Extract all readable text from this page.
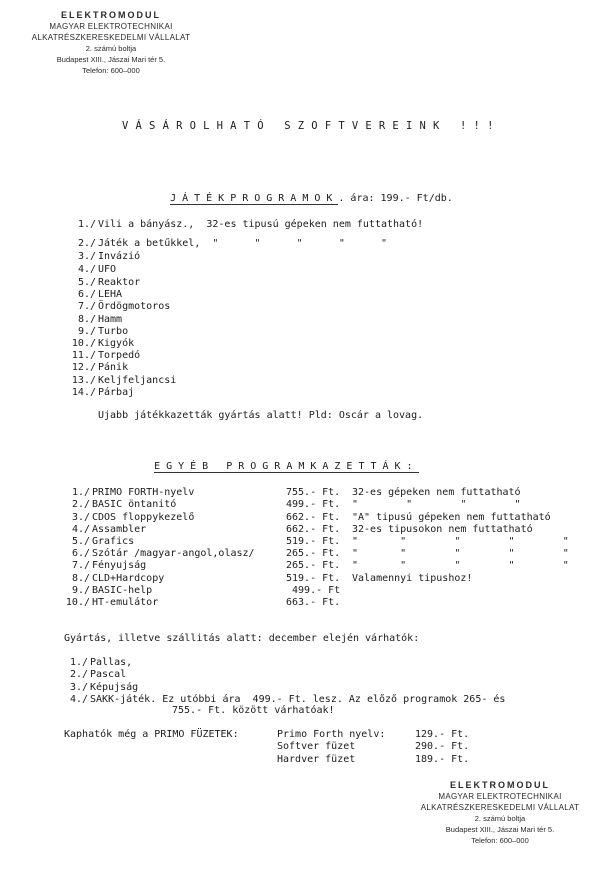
ELEKTROMODUL
MAGYAR ELEKTROTECHNIKAI
ALKATRÉSZKERESKEDELMI VÁLLALAT
2. számú boltja
Budapest XIII., Jászai Mari tér 5.
Telefon: 600–000
VÁSÁROLHATÓ SZOFTVEREINK !!!

JÁTÉKPROGRAMOK. ára: 199.- Ft/db.

1./ Vili a bányász.,  32-es tipusú gépeken nem futtatható!
2./ Játék a betűkkel,  "      "      "      "      "
3./ Invázió
4./ UFO
5./ Reaktor
6./ LEHA
7./ Ördögmotoros
8./ Hamm
9./ Turbo
10./ Kigyók
11./ Torpedó
12./ Pánik
13./ Keljfeljancsi
14./ Párbaj
Ujabb játékkazetták gyártás alatt! Pld: Oscár a lovag.

EGYÉB PROGRAMKAZETTÁK:

1./ PRIMO FORTH-nyelv	755.- Ft. 32-es gépeken nem futtatható
2./ BASIC öntanitó	499.- Ft. "        "        "        "
3./ CDOS floppykezelő	662.- Ft. "A" tipusú gépeken nem futtatható
4./ Assambler	662.- Ft. 32-es tipusokon nem futtatható
5./ Grafics	519.- Ft. "       "        "        "        "
6./ Szótár /magyar-angol,olasz/	265.- Ft. "       "        "        "        "
7./ Fényujság	265.- Ft. "       "        "        "        "
8./ CLD+Hardcopy	519.- Ft. Valamennyi tipushoz!
9./ BASIC-help	499.- Ft
10./ HT-emulátor	663.- Ft.
Gyártás, illetve szállitás alatt: december elején várhatók:
1./ Pallas,
2./ Pascal
3./ Képujság
4./ SAKK-játék. Ez utóbbi ára  499.- Ft. lesz. Az előző programok 265- és
755.- Ft. között várhatóak!
Kaphatók még a PRIMO FÜZETEK:	Primo Forth nyelv:	129.- Ft.
Softver füzet	290.- Ft.
Hardver füzet	189.- Ft.
ELEKTROMODUL
MAGYAR ELEKTROTECHNIKAI
ALKATRÉSZKERESKEDELMI VÁLLALAT
2. számú boltja
Budapest XIII., Jászai Mari tér 5.
Telefon: 600–000
